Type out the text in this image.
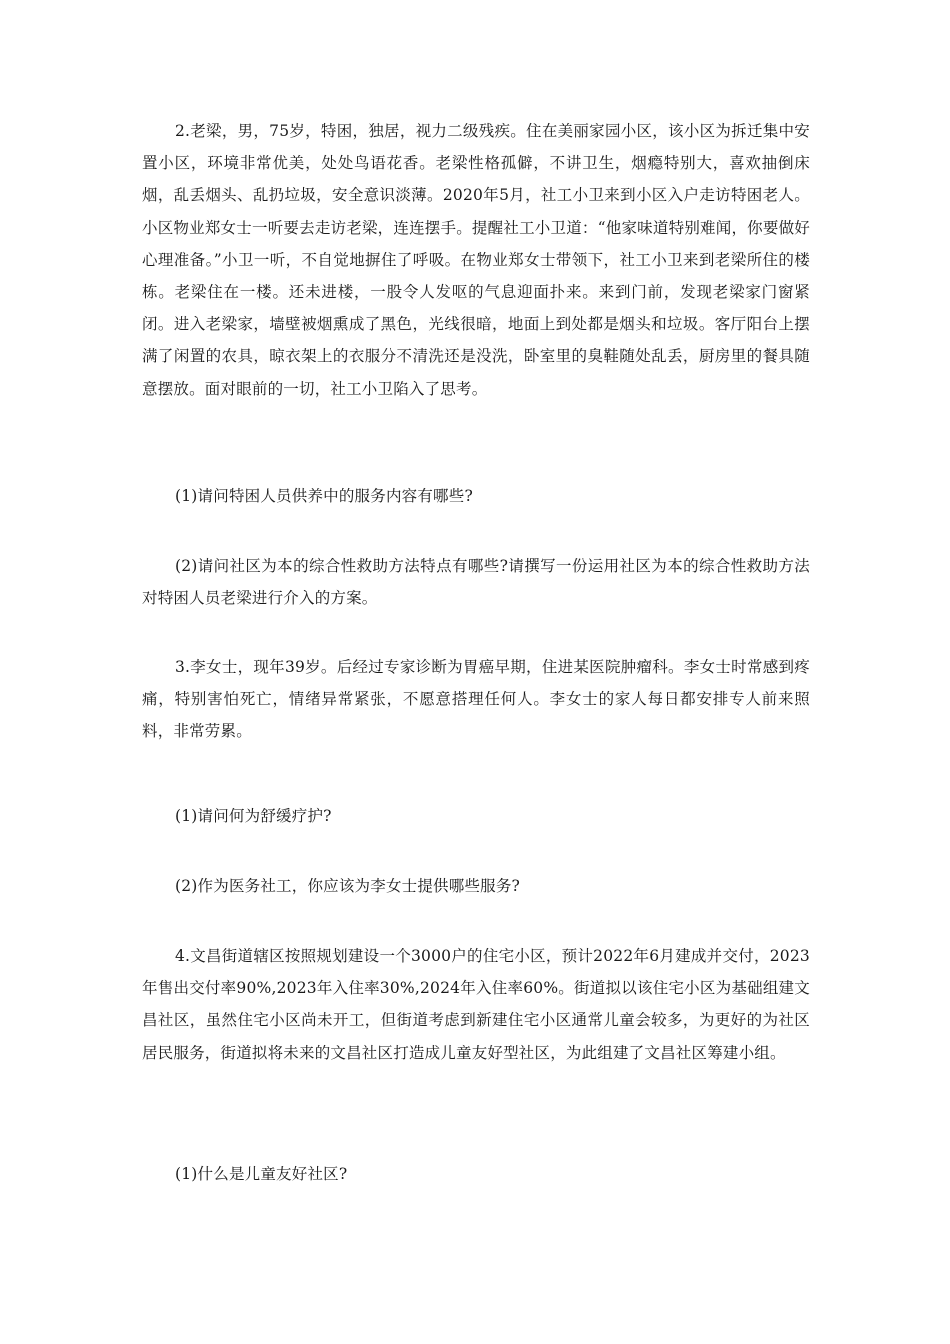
2.老梁，男，75岁，特困，独居，视力二级残疾。住在美丽家园小区，该小区为拆迁集中安置小区，环境非常优美，处处鸟语花香。老梁性格孤僻，不讲卫生，烟瘾特别大，喜欢抽倒床烟，乱丢烟头、乱扔垃圾，安全意识淡薄。2020年5月，社工小卫来到小区入户走访特困老人。小区物业郑女士一听要去走访老梁，连连摆手。提醒社工小卫道：“他家味道特别难闻，你要做好心理准备。”小卫一听，不自觉地摒住了呼吸。在物业郑女士带领下，社工小卫来到老梁所住的楼栋。老梁住在一楼。还未进楼，一股令人发呕的气息迎面扑来。来到门前，发现老梁家门窗紧闭。进入老梁家，墙壁被烟熏成了黑色，光线很暗，地面上到处都是烟头和垃圾。客厅阳台上摆满了闲置的农具，晾衣架上的衣服分不清洗还是没洗，卧室里的臭鞋随处乱丢，厨房里的餐具随意摆放。面对眼前的一切，社工小卫陷入了思考。

(1)请问特困人员供养中的服务内容有哪些?

(2)请问社区为本的综合性救助方法特点有哪些?请撰写一份运用社区为本的综合性救助方法对特困人员老梁进行介入的方案。

3.李女士，现年39岁。后经过专家诊断为胃癌早期，住进某医院肿瘤科。李女士时常感到疼痛，特别害怕死亡，情绪异常紧张，不愿意搭理任何人。李女士的家人每日都安排专人前来照料，非常劳累。

(1)请问何为舒缓疗护?

(2)作为医务社工，你应该为李女士提供哪些服务?

4.文昌街道辖区按照规划建设一个3000户的住宅小区，预计2022年6月建成并交付，2023年售出交付率90%,2023年入住率30%,2024年入住率60%。街道拟以该住宅小区为基础组建文昌社区，虽然住宅小区尚未开工，但街道考虑到新建住宅小区通常儿童会较多，为更好的为社区居民服务，街道拟将未来的文昌社区打造成儿童友好型社区，为此组建了文昌社区筹建小组。

(1)什么是儿童友好社区?
